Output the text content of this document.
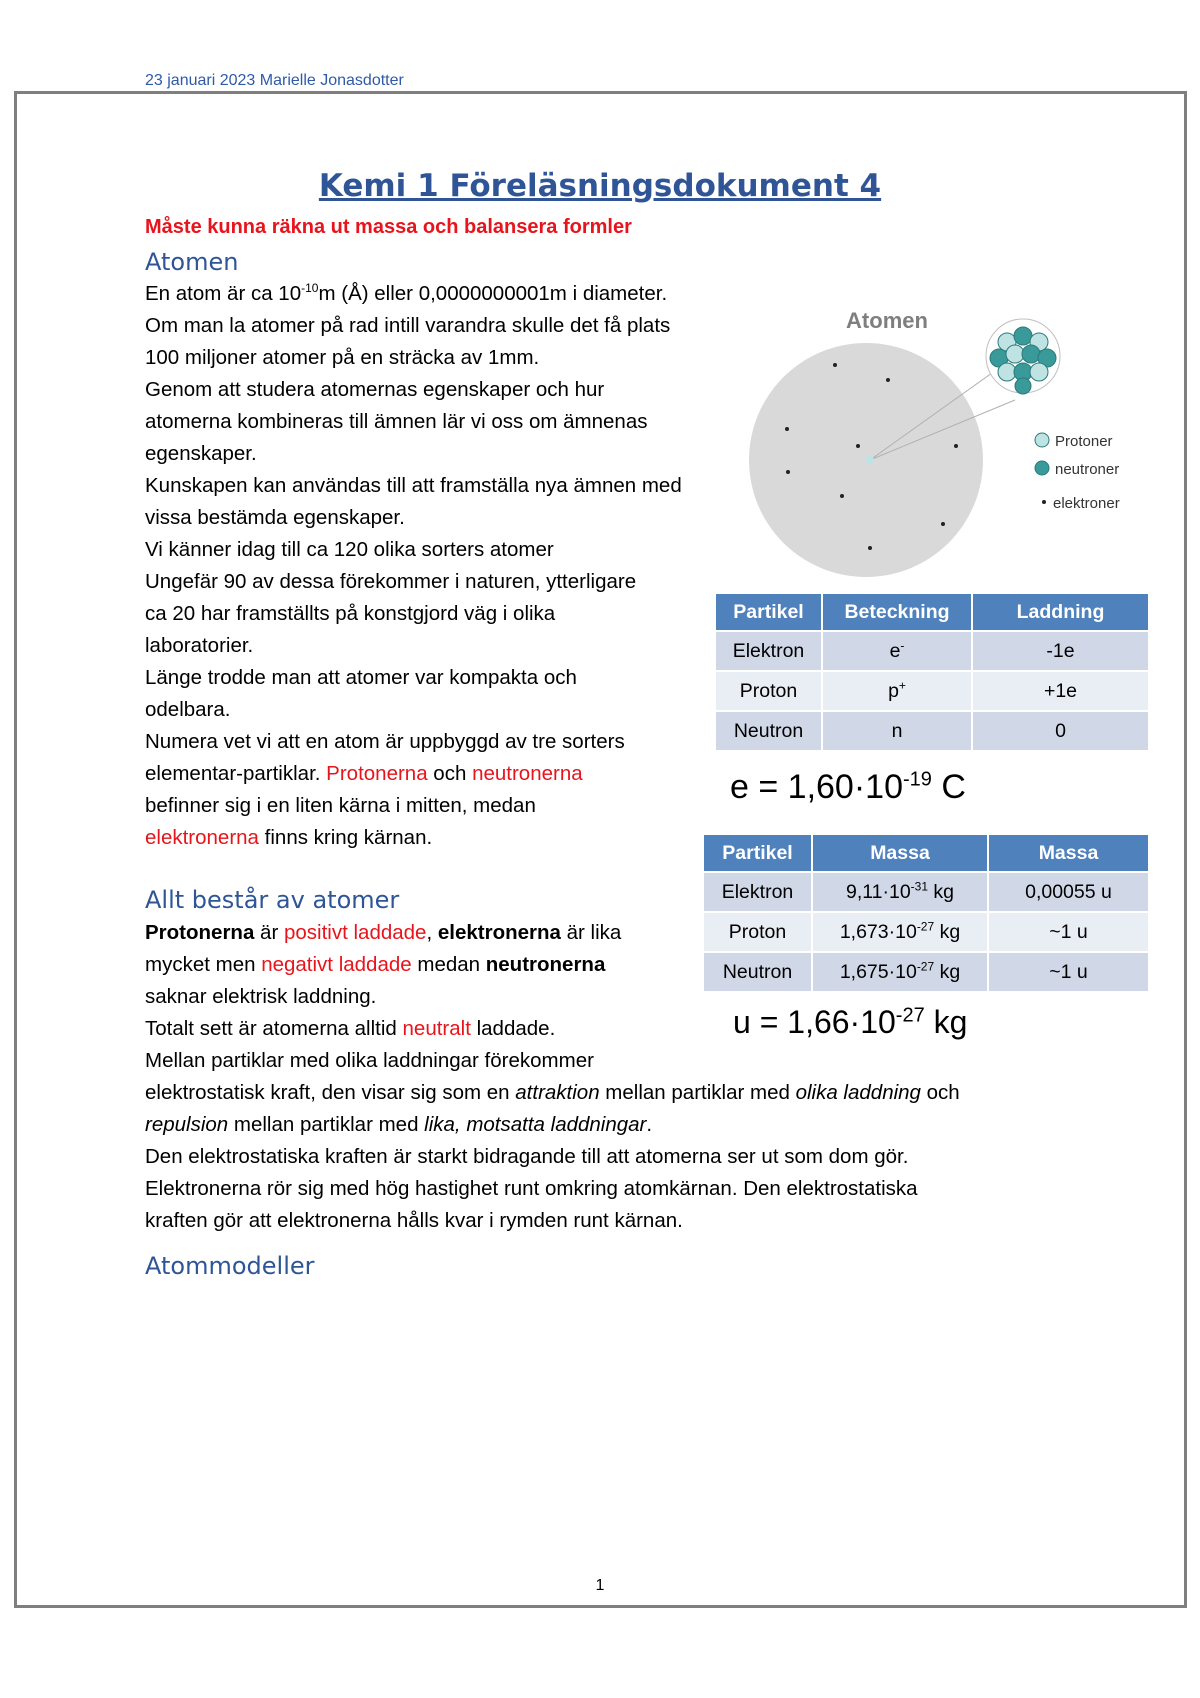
23 januari 2023 Marielle Jonasdotter
Kemi 1 Föreläsningsdokument 4
Måste kunna räkna ut massa och balansera formler
Atomen

En atom är ca $10^{-10}m$ (Å) eller 0,0000000001m i diameter.

Om man la atomer på rad intill varandra skulle det få plats

100 miljoner atomer på en sträcka av 1mm.

Genom att studera atomernas egenskaper och hur

atomerna kombineras till ämnen lär vi oss om ämnenas

egenskaper.

Kunskapen kan användas till att framställa nya ämnen med

vissa bestämda egenskaper.

Vi känner idag till ca 120 olika sorters atomer

Ungefär 90 av dessa förekommer i naturen, ytterligare

ca 20 har framställts på konstgjord väg i olika

laboratorier.

Länge trodde man att atomer var kompakta och

odelbara.

Numera vet vi att en atom är uppbyggd av tre sorters

elementar-partiklar. Protonerna och neutronerna

befinner sig i en liten kärna i mitten, medan

elektronerna finns kring kärnan.

Allt består av atomer

Protonerna är positivt laddade, elektronerna är lika

mycket men negativt laddade medan neutronerna

saknar elektrisk laddning.

Totalt sett är atomerna alltid neutralt laddade.

Mellan partiklar med olika laddningar förekommer

elektrostatisk kraft, den visar sig som en attraktion mellan partiklar med olika laddning och

repulsion mellan partiklar med lika, motsatta laddningar.

Den elektrostatiska kraften är starkt bidragande till att atomerna ser ut som dom gör.

Elektronerna rör sig med hög hastighet runt omkring atomkärnan. Den elektrostatiska

kraften gör att elektronerna hålls kvar i rymden runt kärnan.

Atommodeller
Atomen
Protoner
neutroner
elektroner
Partikel	Beteckning	Laddning
Elektron	e-	-1e
Proton	p+	+1e
Neutron	n	0
$e = 1,60\cdot 10^{-19}$ C
Partikel	Massa	Massa
Elektron	$9,11\cdot 10^{-31}$ kg	0,00055 u
Proton	$1,673\cdot 10^{-27}$ kg	~1 u
Neutron	$1,675\cdot 10^{-27}$ kg	~1 u
$u = 1,66\cdot 10^{-27}$ kg
1
